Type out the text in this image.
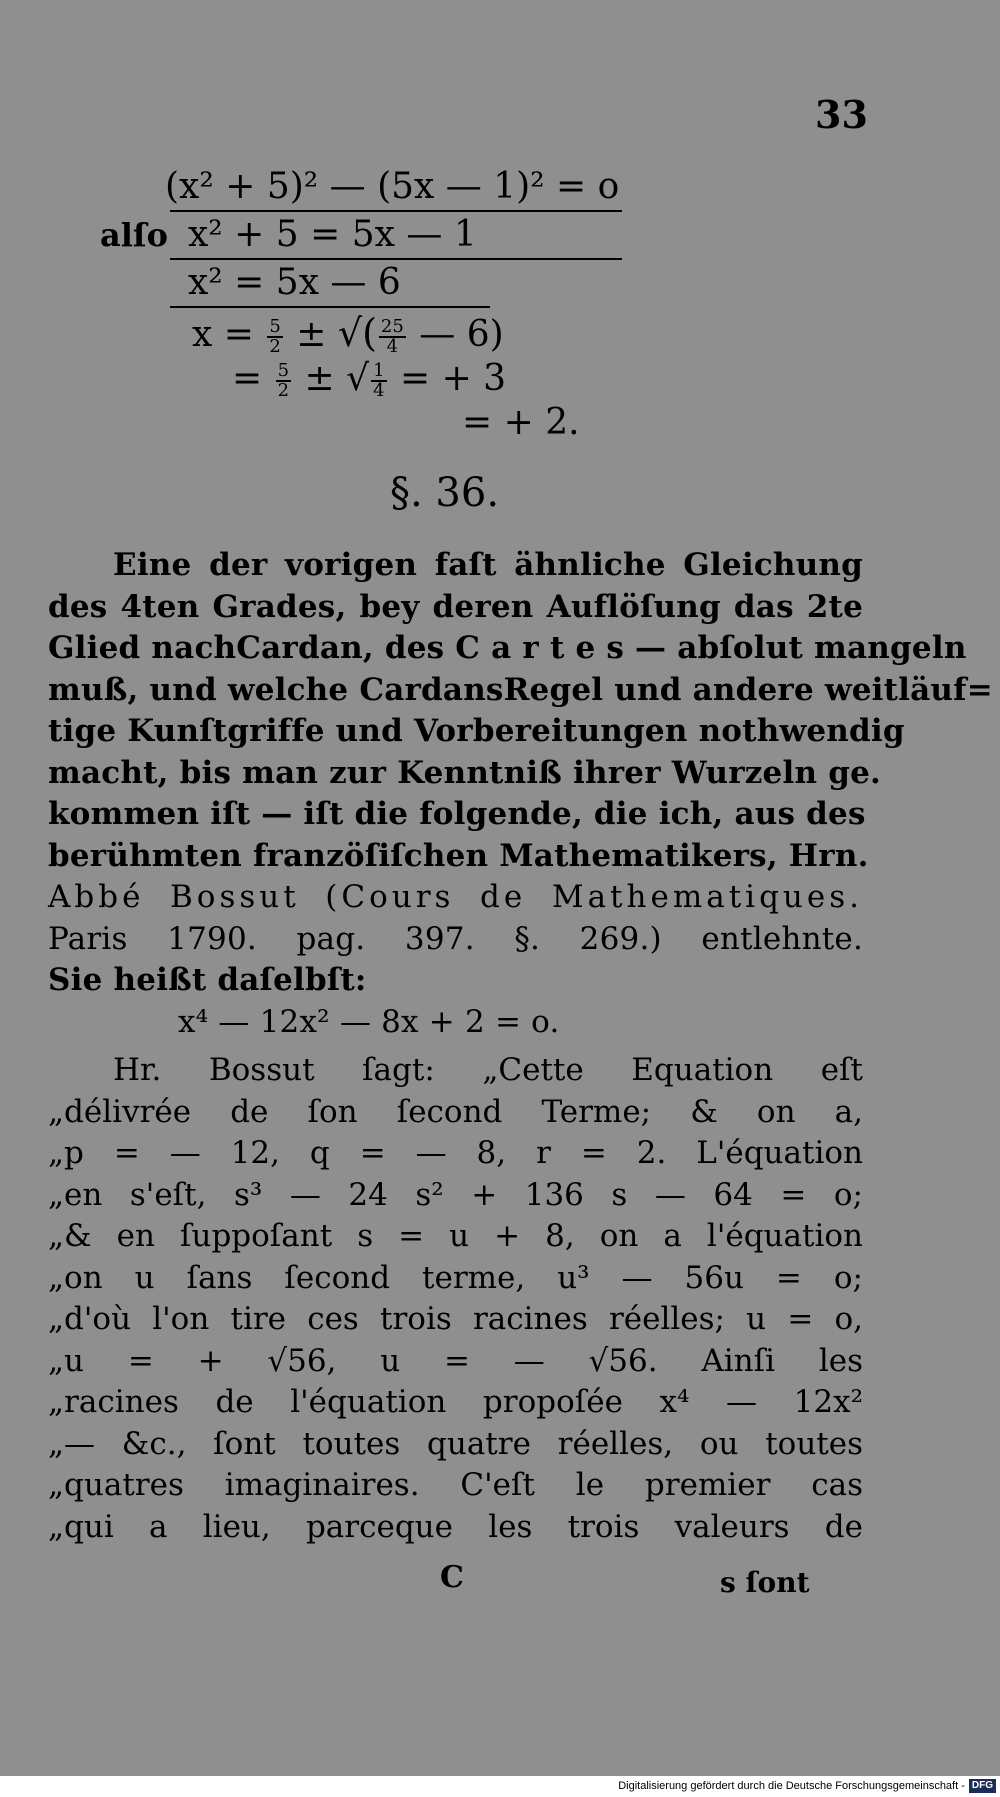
33
(x² + 5)² — (5x — 1)² = o
alſo x² + 5 = 5x — 1
x² = 5x — 6
$x = \frac{5}{2}$ ± √( $\frac{25}{4}$ — 6)
= $\frac{5}{2}$ ± √ $\frac{1}{4}$ = + 3
= + 2.
§. 36.
Eine der vorigen faſt ähnliche Gleichung
des 4ten Grades, bey deren Auflöſung das 2te
Glied nachCardan, des C a r t e s — abſolut mangeln
muß, und welche CardansRegel und andere weitläuf=
tige Kunſtgriffe und Vorbereitungen nothwendig
macht, bis man zur Kenntniß ihrer Wurzeln ge.
kommen iſt — iſt die folgende, die ich, aus des
berühmten franzöſiſchen Mathematikers, Hrn.
Abbé Bossut (Cours de Mathematiques.
Paris 1790. pag. 397. §. 269.) entlehnte.
Sie heißt daſelbſt:
x⁴ — 12x² — 8x + 2 = o.
Hr. Bossut ſagt: „Cette Equation eſt
„délivrée de ſon ſecond Terme; & on a,
„p = — 12, q = — 8, r = 2. L'équation
„en s'eſt, s³ — 24 s² + 136 s — 64 = o;
„& en ſuppoſant s = u + 8, on a l'équation
„on u ſans ſecond terme, u³ — 56u = o;
„d'où l'on tire ces trois racines réelles; u = o,
„u = + √56, u = — √56. Ainſi les
„racines de l'équation propoſée x⁴ — 12x²
„— &c., ſont toutes quatre réelles, ou toutes
„quatres imaginaires. C'eſt le premier cas
„qui a lieu, parceque les trois valeurs de
C	s ſont
Digitalisierung gefördert durch die Deutsche Forschungsgemeinschaft - DFG
